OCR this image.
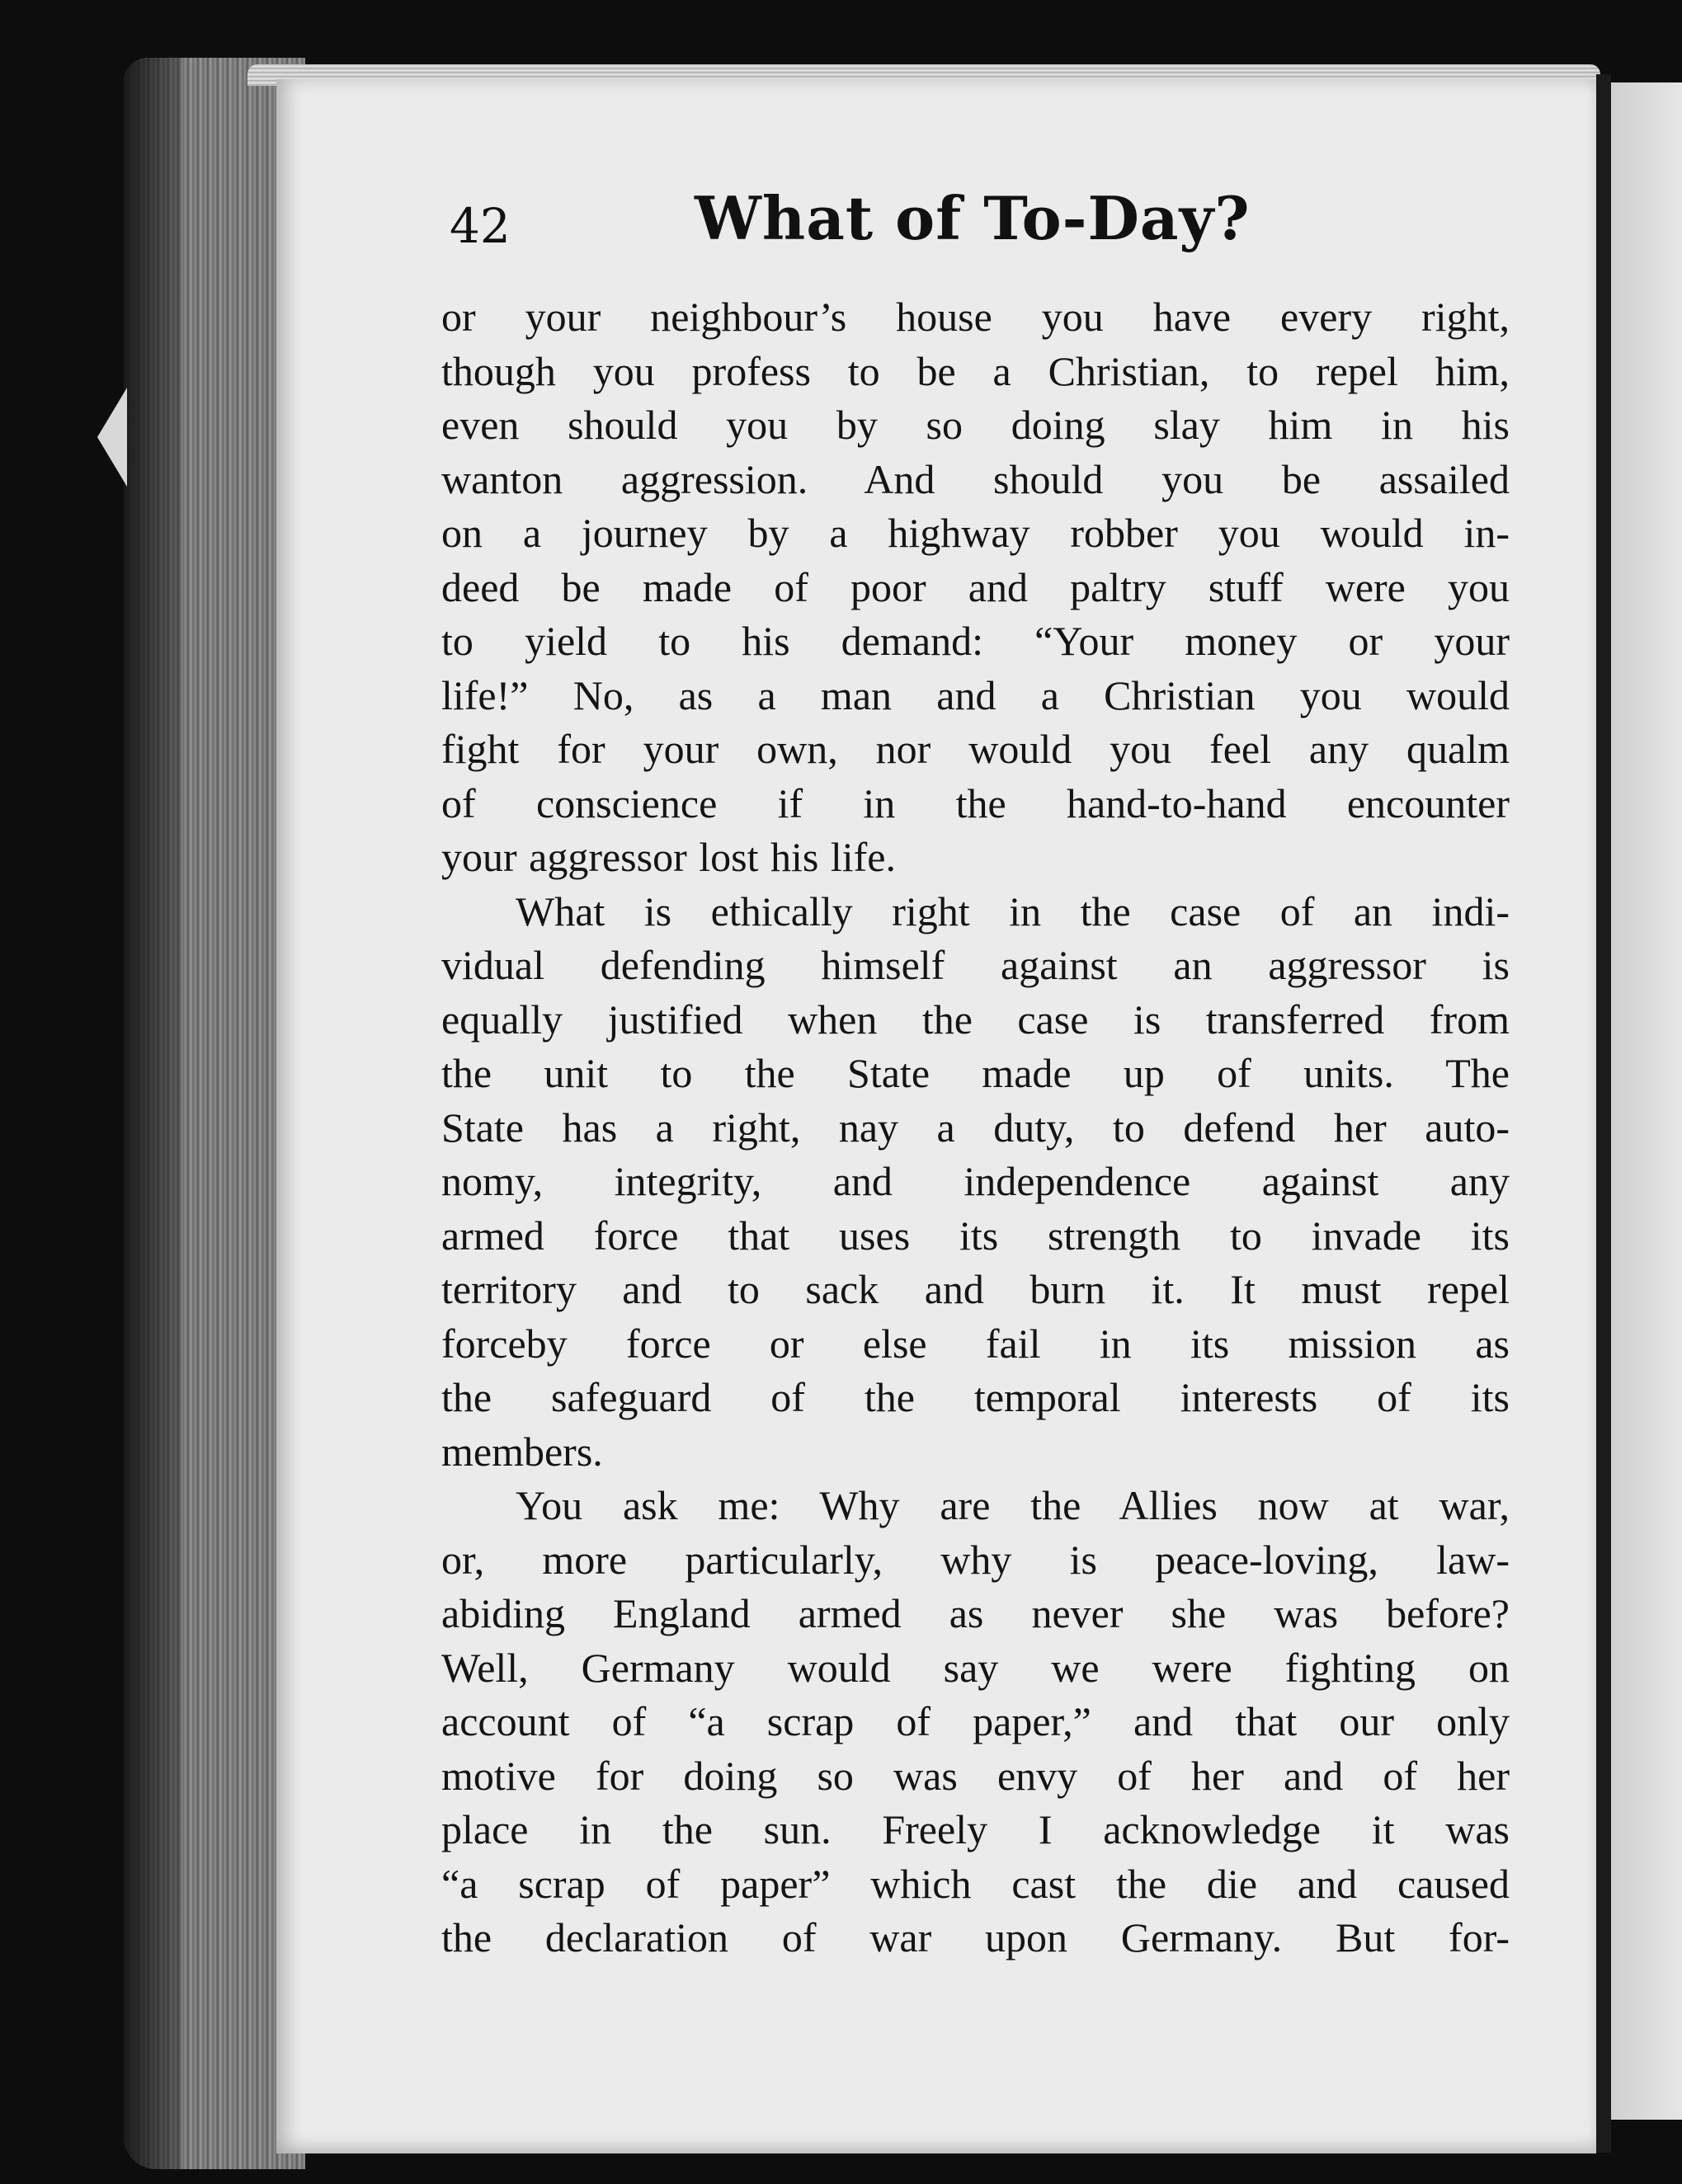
42	What of To-Day?
or your neighbour’s house you have every right,
though you profess to be a Christian, to repel him,
even should you by so doing slay him in his
wanton aggression. And should you be assailed
on a journey by a highway robber you would in-
deed be made of poor and paltry stuff were you
to yield to his demand: “Your money or your
life!” No, as a man and a Christian you would
fight for your own, nor would you feel any qualm
of conscience if in the hand-to-hand encounter
your aggressor lost his life.
What is ethically right in the case of an indi-
vidual defending himself against an aggressor is
equally justified when the case is transferred from
the unit to the State made up of units. The
State has a right, nay a duty, to defend her auto-
nomy, integrity, and independence against any
armed force that uses its strength to invade its
territory and to sack and burn it. It must repel
forceby force or else fail in its mission as
the safeguard of the temporal interests of its
members.
You ask me: Why are the Allies now at war,
or, more particularly, why is peace-loving, law-
abiding England armed as never she was before?
Well, Germany would say we were fighting on
account of “a scrap of paper,” and that our only
motive for doing so was envy of her and of her
place in the sun. Freely I acknowledge it was
“a scrap of paper” which cast the die and caused
the declaration of war upon Germany. But for-
